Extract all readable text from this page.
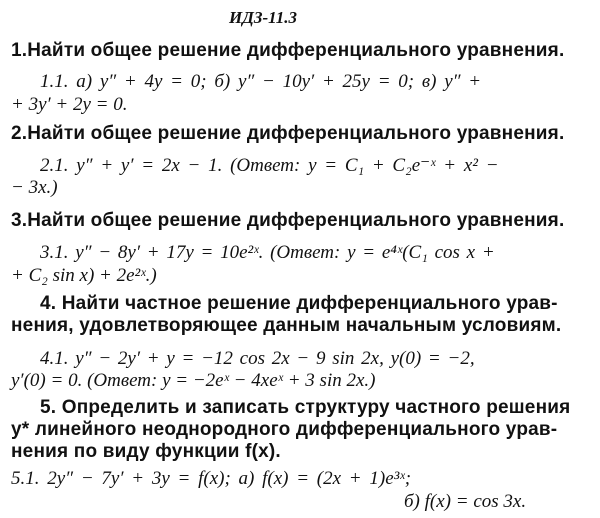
ИДЗ-11.3
1.Найти общее решение дифференциального уравнения.
1.1. а) y″ + 4y = 0; б) y″ − 10y′ + 25y = 0; в) y″ +
+ 3y′ + 2y = 0.
2.Найти общее решение дифференциального уравнения.
2.1. y″ + y′ = 2x − 1. (Ответ: y = C₁ + C₂e⁻ˣ + x² −
− 3x.)
3.Найти общее решение дифференциального уравнения.
3.1. y″ − 8y′ + 17y = 10e²ˣ. (Ответ: y = e⁴ˣ(C₁ cos x +
+ C₂ sin x) + 2e²ˣ.)
4. Найти частное решение дифференциального урав-
нения, удовлетворяющее данным начальным условиям.
4.1. y″ − 2y′ + y = −12 cos 2x − 9 sin 2x, y(0) = −2,
y′(0) = 0. (Ответ: y = −2eˣ − 4xeˣ + 3 sin 2x.)
5. Определить и записать структуру частного решения
y* линейного неоднородного дифференциального урав-
нения по виду функции f(x).
5.1. 2y″ − 7y′ + 3y = f(x); а) f(x) = (2x + 1)e³ˣ;
б) f(x) = cos 3x.
